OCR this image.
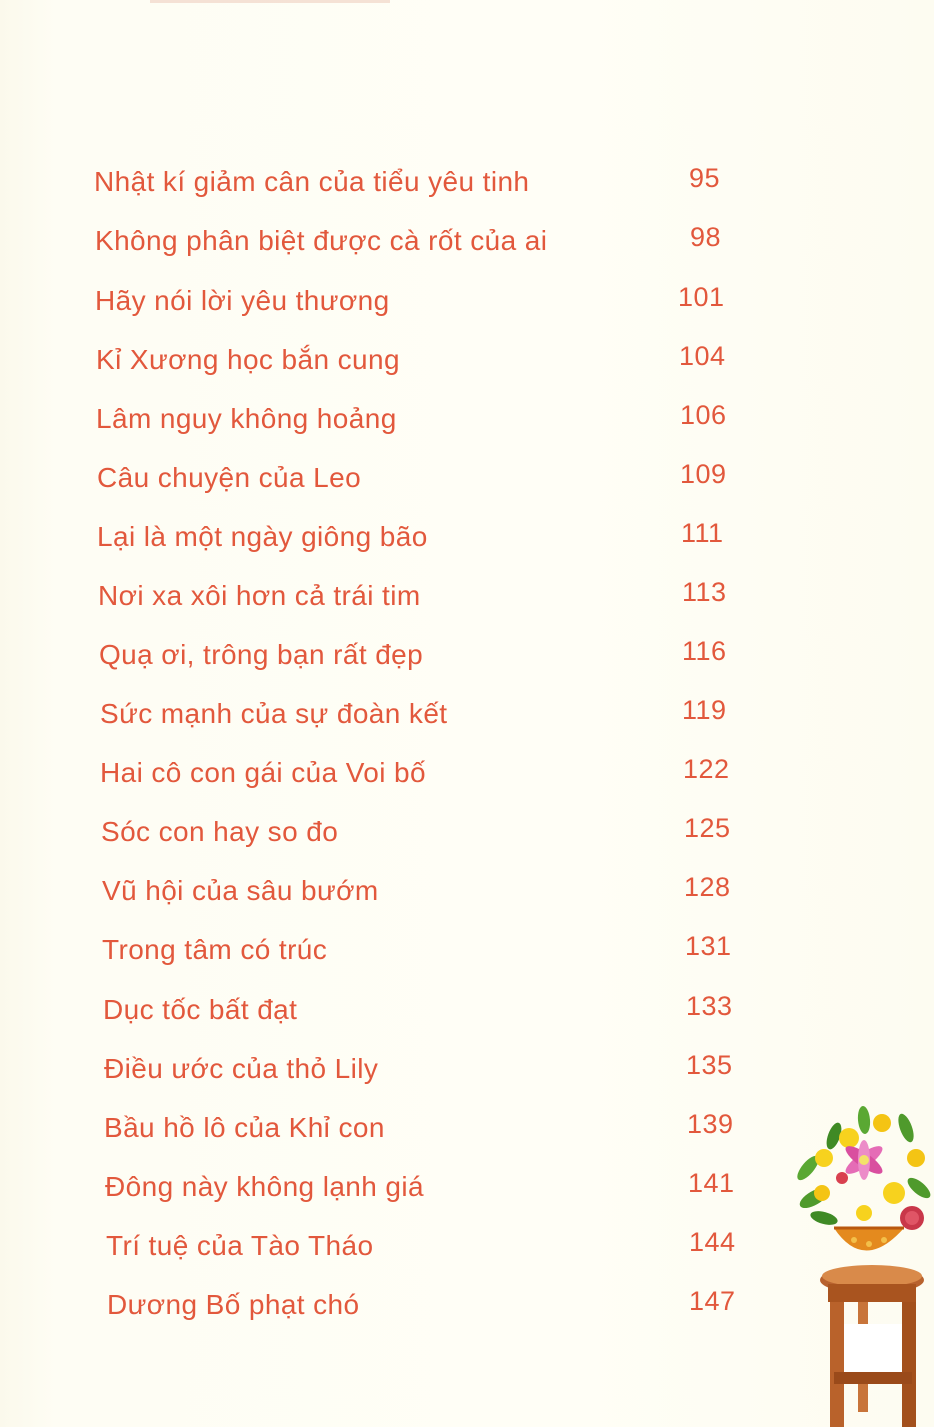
Nhật kí giảm cân của tiểu yêu tinh	95
Không phân biệt được cà rốt của ai	98
Hãy nói lời yêu thương	101
Kỉ Xương học bắn cung	104
Lâm nguy không hoảng	106
Câu chuyện của Leo	109
Lại là một ngày giông bão	111
Nơi xa xôi hơn cả trái tim	113
Quạ ơi, trông bạn rất đẹp	116
Sức mạnh của sự đoàn kết	119
Hai cô con gái của Voi bố	122
Sóc con hay so đo	125
Vũ hội của sâu bướm	128
Trong tâm có trúc	131
Dục tốc bất đạt	133
Điều ước của thỏ Lily	135
Bầu hồ lô của Khỉ con	139
Đông này không lạnh giá	141
Trí tuệ của Tào Tháo	144
Dương Bố phạt chó	147
